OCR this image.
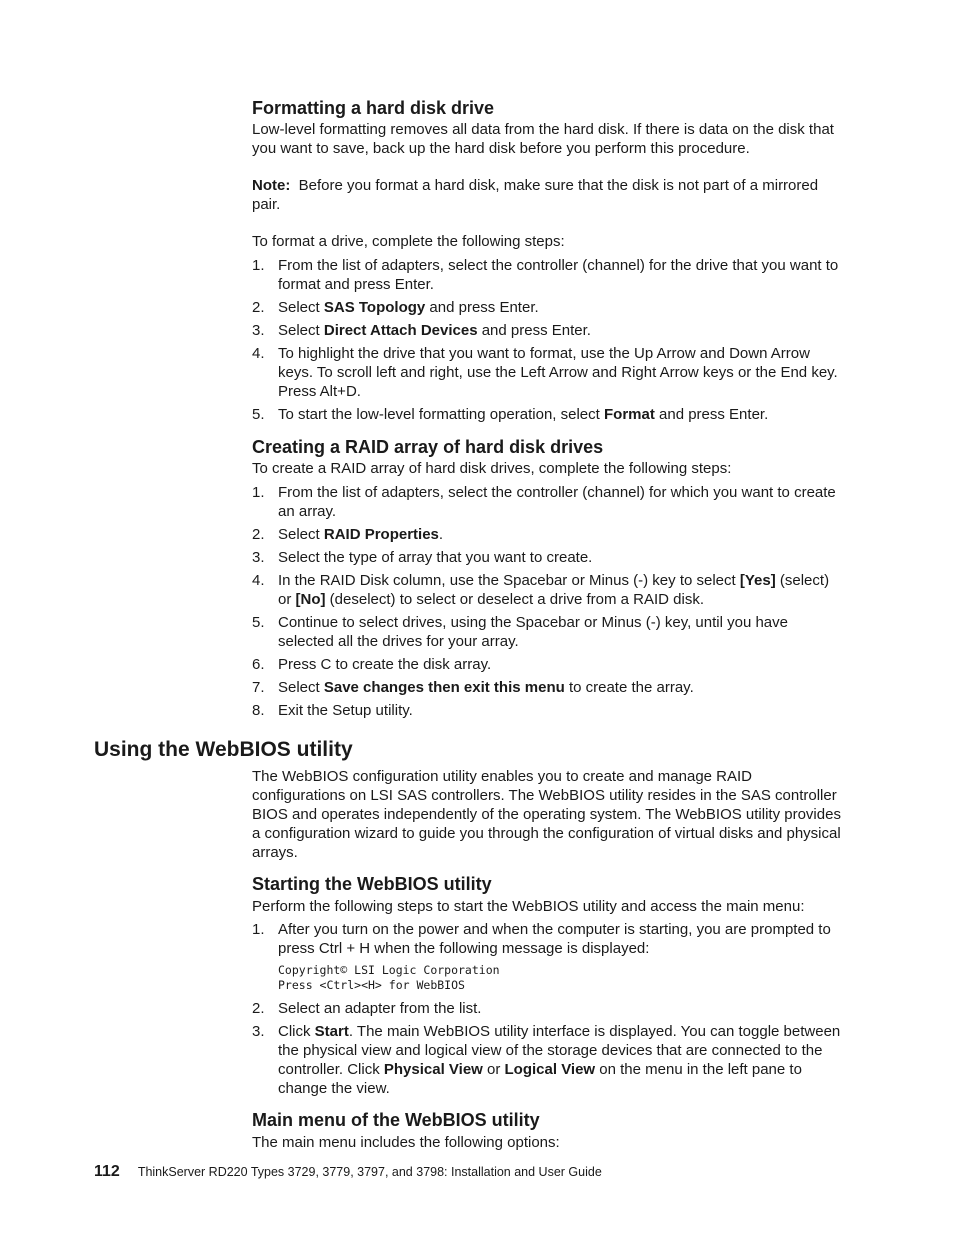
Formatting a hard disk drive

Low-level formatting removes all data from the hard disk. If there is data on the disk that you want to save, back up the hard disk before you perform this procedure.

Note: Before you format a hard disk, make sure that the disk is not part of a mirrored pair.

To format a drive, complete the following steps:

1. From the list of adapters, select the controller (channel) for the drive that you want to format and press Enter.
2. Select SAS Topology and press Enter.
3. Select Direct Attach Devices and press Enter.
4. To highlight the drive that you want to format, use the Up Arrow and Down Arrow keys. To scroll left and right, use the Left Arrow and Right Arrow keys or the End key. Press Alt+D.
5. To start the low-level formatting operation, select Format and press Enter.
Creating a RAID array of hard disk drives

To create a RAID array of hard disk drives, complete the following steps:

1. From the list of adapters, select the controller (channel) for which you want to create an array.
2. Select RAID Properties.
3. Select the type of array that you want to create.
4. In the RAID Disk column, use the Spacebar or Minus (-) key to select [Yes] (select) or [No] (deselect) to select or deselect a drive from a RAID disk.
5. Continue to select drives, using the Spacebar or Minus (-) key, until you have selected all the drives for your array.
6. Press C to create the disk array.
7. Select Save changes then exit this menu to create the array.
8. Exit the Setup utility.
Using the WebBIOS utility

The WebBIOS configuration utility enables you to create and manage RAID configurations on LSI SAS controllers. The WebBIOS utility resides in the SAS controller BIOS and operates independently of the operating system. The WebBIOS utility provides a configuration wizard to guide you through the configuration of virtual disks and physical arrays.

Starting the WebBIOS utility

Perform the following steps to start the WebBIOS utility and access the main menu:

1. After you turn on the power and when the computer is starting, you are prompted to press Ctrl + H when the following message is displayed:
Copyright© LSI Logic Corporation
Press <Ctrl><H> for WebBIOS
2. Select an adapter from the list.
3. Click Start. The main WebBIOS utility interface is displayed. You can toggle between the physical view and logical view of the storage devices that are connected to the controller. Click Physical View or Logical View on the menu in the left pane to change the view.
Main menu of the WebBIOS utility

The main menu includes the following options:

112 ThinkServer RD220 Types 3729, 3779, 3797, and 3798: Installation and User Guide
